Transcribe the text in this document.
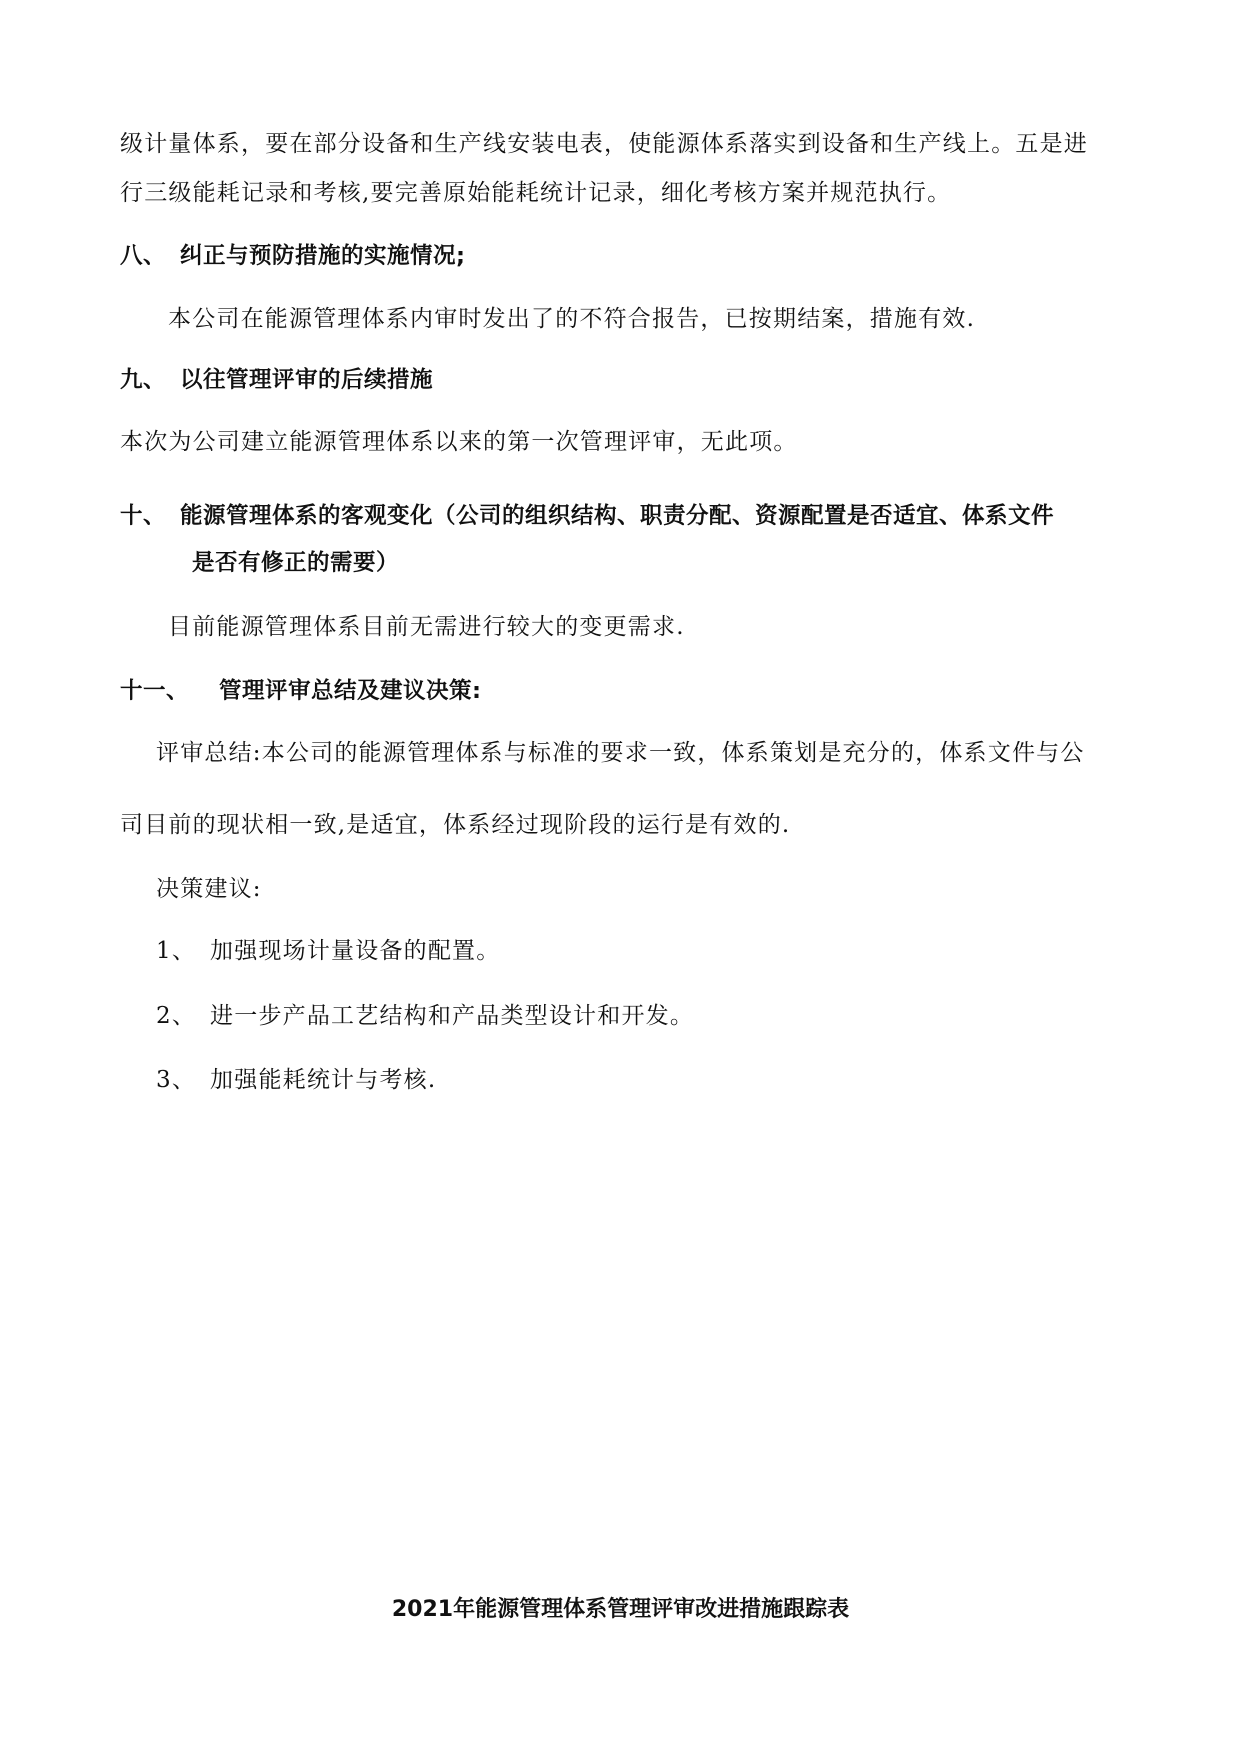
级计量体系，要在部分设备和生产线安装电表，使能源体系落实到设备和生产线上。五是进
行三级能耗记录和考核,要完善原始能耗统计记录，细化考核方案并规范执行。
八、 纠正与预防措施的实施情况;
本公司在能源管理体系内审时发出了的不符合报告，已按期结案，措施有效.
九、 以往管理评审的后续措施
本次为公司建立能源管理体系以来的第一次管理评审，无此项。
十、 能源管理体系的客观变化（公司的组织结构、职责分配、资源配置是否适宜、体系文件
是否有修正的需要）
目前能源管理体系目前无需进行较大的变更需求.
十一、 管理评审总结及建议决策:
评审总结:本公司的能源管理体系与标准的要求一致，体系策划是充分的，体系文件与公
司目前的现状相一致,是适宜，体系经过现阶段的运行是有效的.
决策建议:
1、 加强现场计量设备的配置。
2、 进一步产品工艺结构和产品类型设计和开发。
3、 加强能耗统计与考核.
2021年能源管理体系管理评审改进措施跟踪表
